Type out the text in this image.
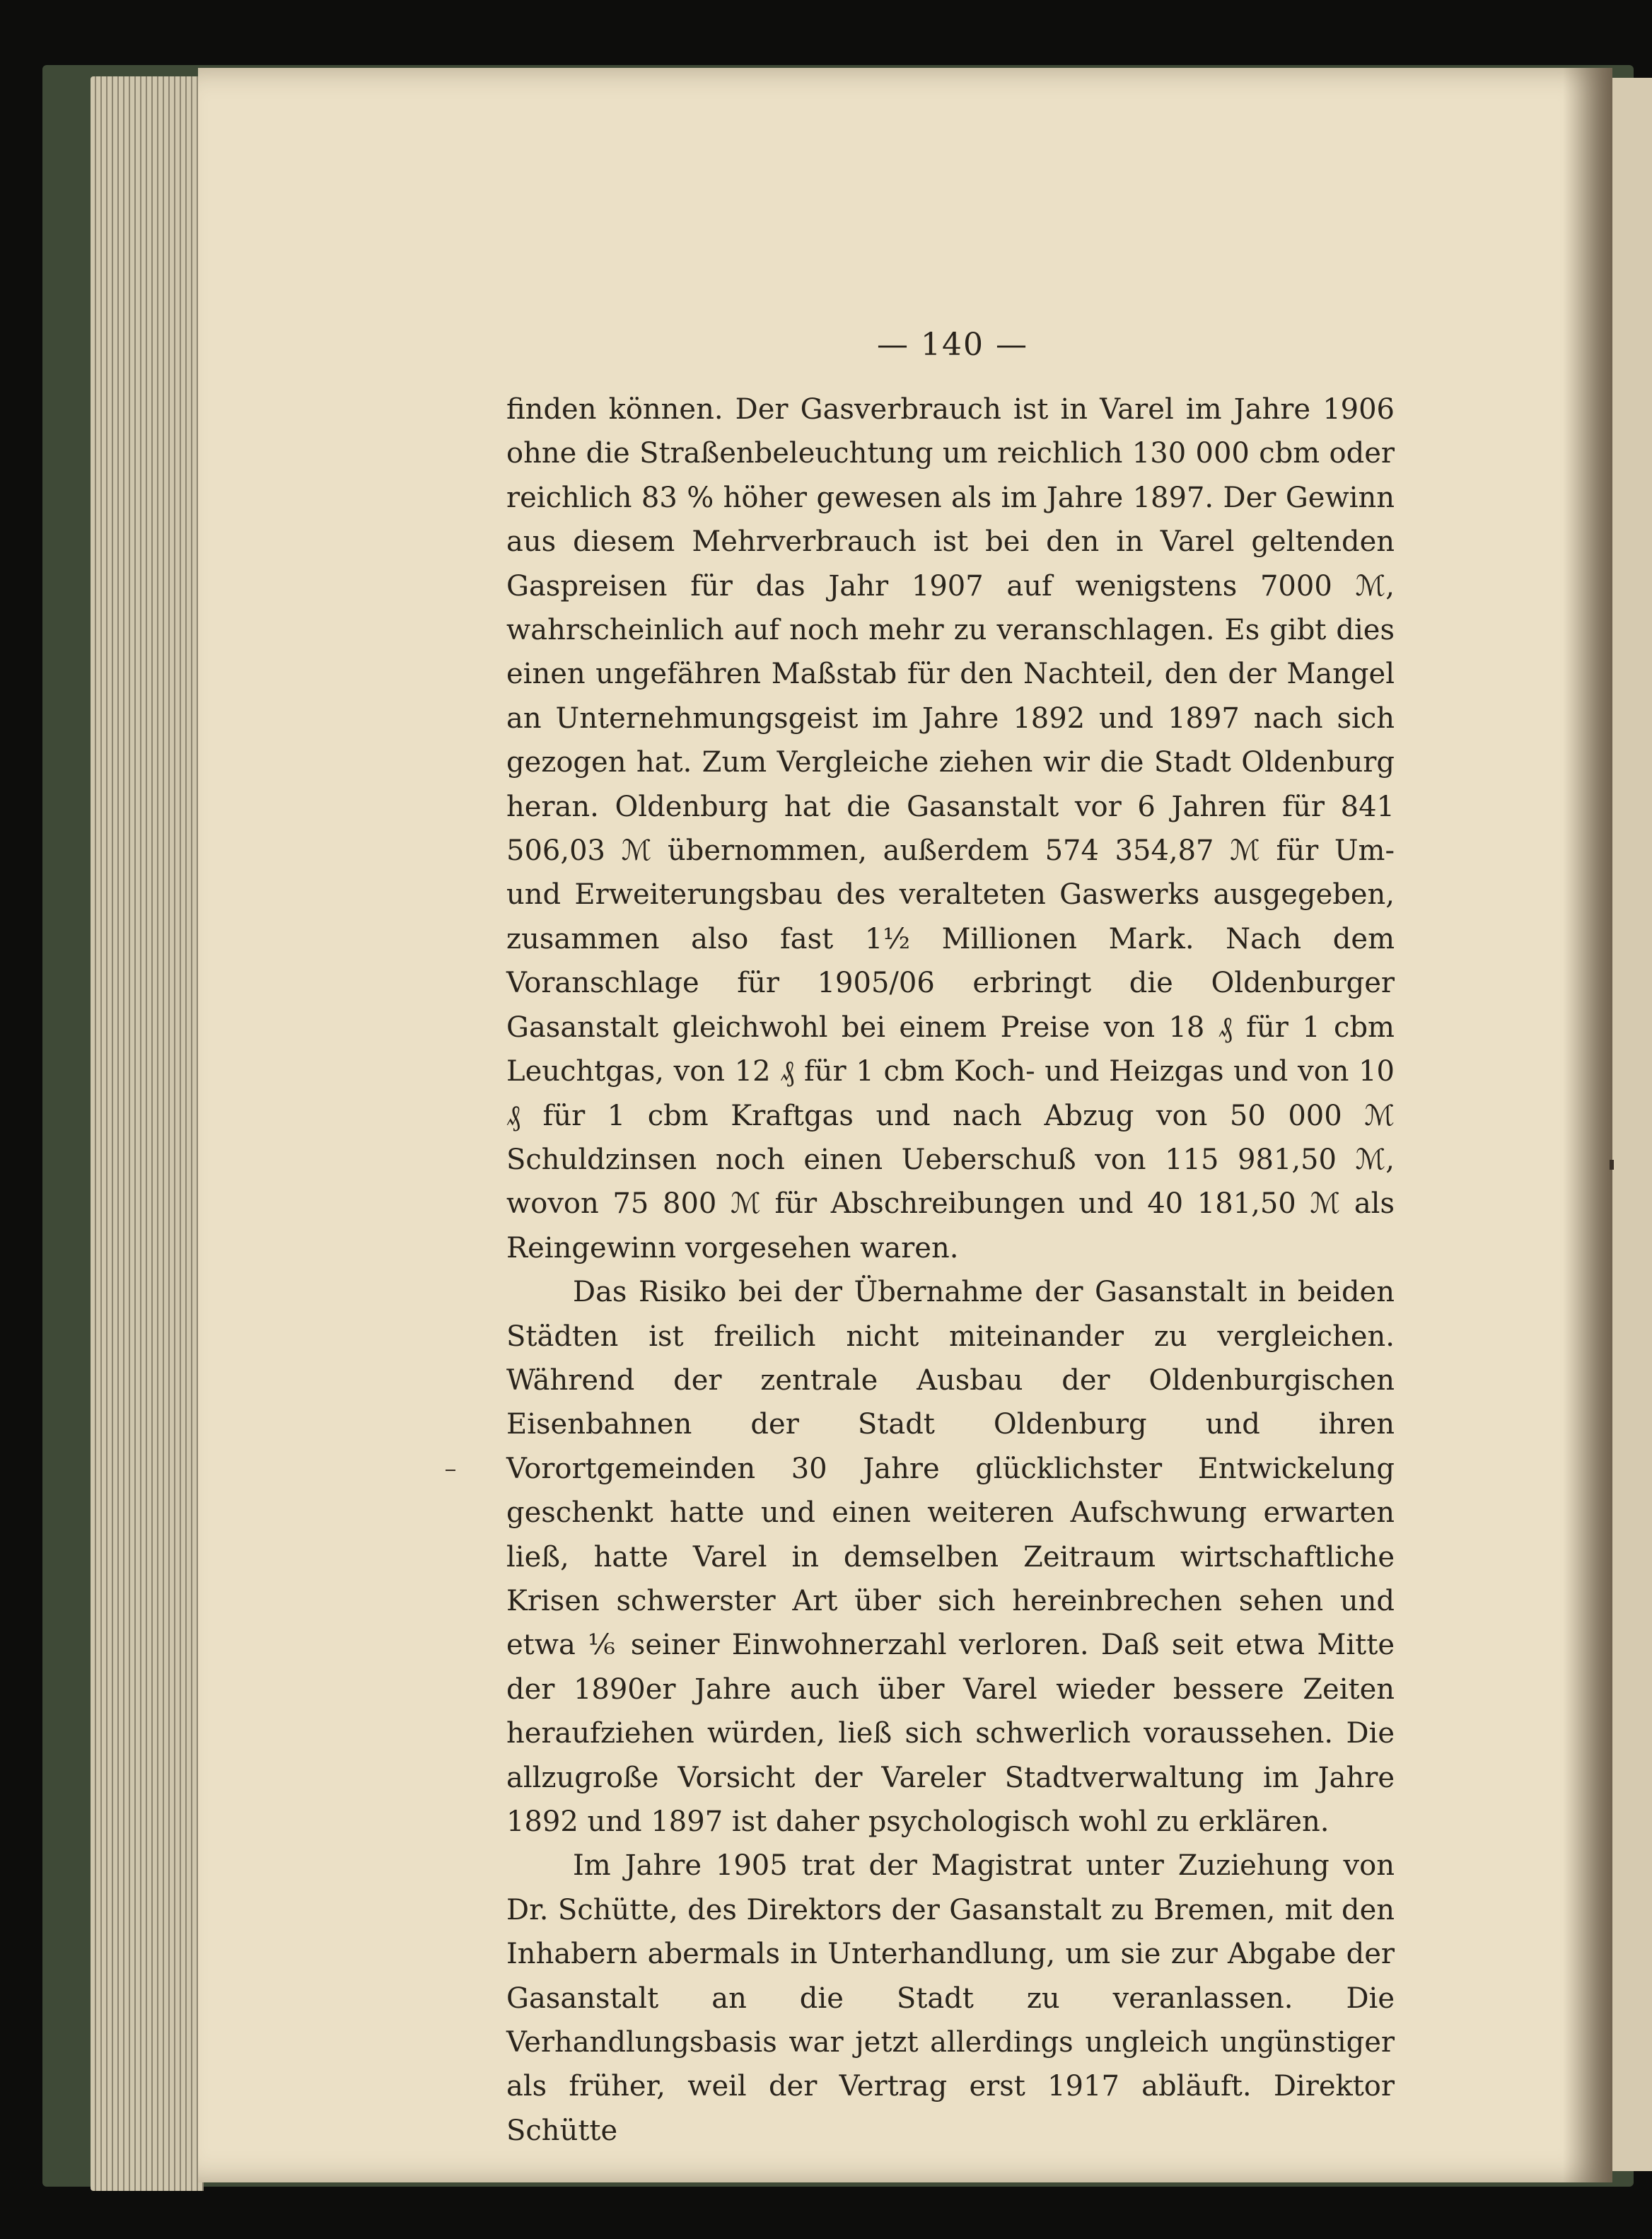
— 140 —

finden können. Der Gasverbrauch ist in Varel im Jahre 1906 ohne die Straßenbeleuchtung um reichlich 130 000 cbm oder reichlich 83 % höher gewesen als im Jahre 1897. Der Gewinn aus diesem Mehrverbrauch ist bei den in Varel geltenden Gaspreisen für das Jahr 1907 auf wenigstens 7000 ℳ, wahrscheinlich auf noch mehr zu veranschlagen. Es gibt dies einen ungefähren Maßstab für den Nachteil, den der Mangel an Unternehmungsgeist im Jahre 1892 und 1897 nach sich gezogen hat. Zum Vergleiche ziehen wir die Stadt Oldenburg heran. Oldenburg hat die Gasanstalt vor 6 Jahren für 841 506,03 ℳ übernommen, außerdem 574 354,87 ℳ für Um- und Erweiterungsbau des veralteten Gaswerks ausgegeben, zusammen also fast 1½ Millionen Mark. Nach dem Voranschlage für 1905/06 erbringt die Oldenburger Gasanstalt gleichwohl bei einem Preise von 18 ₰ für 1 cbm Leuchtgas, von 12 ₰ für 1 cbm Koch- und Heizgas und von 10 ₰ für 1 cbm Kraftgas und nach Abzug von 50 000 ℳ Schuldzinsen noch einen Ueberschuß von 115 981,50 ℳ, wovon 75 800 ℳ für Abschreibungen und 40 181,50 ℳ als Reingewinn vorgesehen waren.

Das Risiko bei der Übernahme der Gasanstalt in beiden Städten ist freilich nicht miteinander zu vergleichen. Während der zentrale Ausbau der Oldenburgischen Eisenbahnen der Stadt Oldenburg und ihren Vorortgemeinden 30 Jahre glücklichster Entwickelung geschenkt hatte und einen weiteren Aufschwung erwarten ließ, hatte Varel in demselben Zeitraum wirtschaftliche Krisen schwerster Art über sich hereinbrechen sehen und etwa ⅙ seiner Einwohnerzahl verloren. Daß seit etwa Mitte der 1890er Jahre auch über Varel wieder bessere Zeiten heraufziehen würden, ließ sich schwerlich voraussehen. Die allzugroße Vorsicht der Vareler Stadtverwaltung im Jahre 1892 und 1897 ist daher psychologisch wohl zu erklären.

Im Jahre 1905 trat der Magistrat unter Zuziehung von Dr. Schütte, des Direktors der Gasanstalt zu Bremen, mit den Inhabern abermals in Unterhandlung, um sie zur Abgabe der Gasanstalt an die Stadt zu veranlassen. Die Verhandlungsbasis war jetzt allerdings ungleich ungünstiger als früher, weil der Vertrag erst 1917 abläuft. Direktor Schütte
